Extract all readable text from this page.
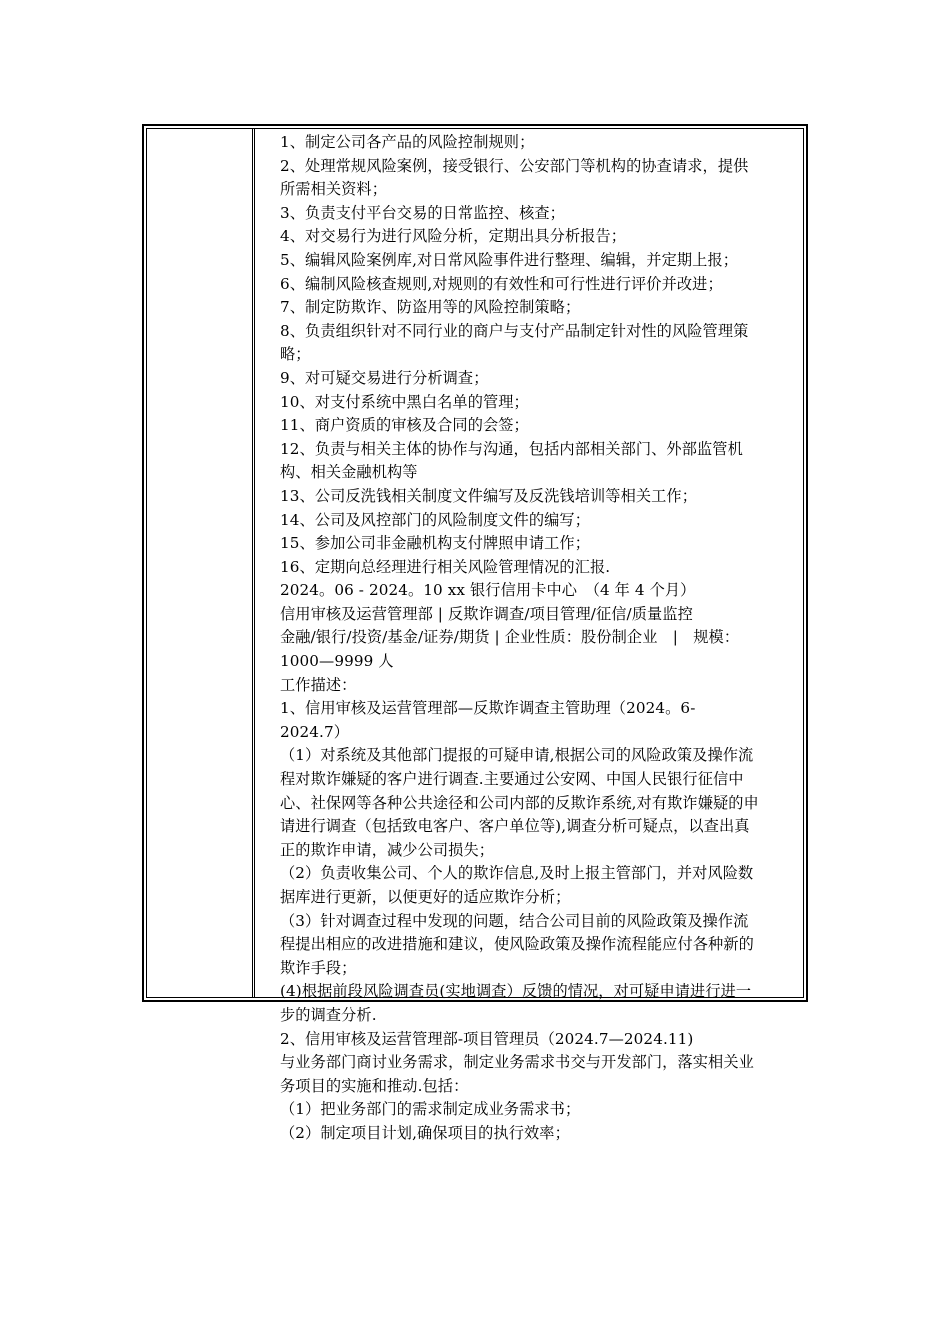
1、制定公司各产品的风险控制规则；
2、处理常规风险案例，接受银行、公安部门等机构的协查请求，提供
所需相关资料；
3、负责支付平台交易的日常监控、核查；
4、对交易行为进行风险分析，定期出具分析报告；
5、编辑风险案例库,对日常风险事件进行整理、编辑，并定期上报；
6、编制风险核查规则,对规则的有效性和可行性进行评价并改进；
7、制定防欺诈、防盗用等的风险控制策略；
8、负责组织针对不同行业的商户与支付产品制定针对性的风险管理策
略；
9、对可疑交易进行分析调查；
10、对支付系统中黑白名单的管理；
11、商户资质的审核及合同的会签；
12、负责与相关主体的协作与沟通，包括内部相关部门、外部监管机
构、相关金融机构等
13、公司反洗钱相关制度文件编写及反洗钱培训等相关工作；
14、公司及风控部门的风险制度文件的编写；
15、参加公司非金融机构支付牌照申请工作；
16、定期向总经理进行相关风险管理情况的汇报.
2024。06 - 2024。10 xx 银行信用卡中心　（4 年 4 个月）
信用审核及运营管理部 | 反欺诈调查/项目管理/征信/质量监控
金融/银行/投资/基金/证券/期货 | 企业性质：股份制企业　|　规模：
1000—9999 人
工作描述：
1、信用审核及运营管理部—反欺诈调查主管助理（2024。6-
2024.7）
（1）对系统及其他部门提报的可疑申请,根据公司的风险政策及操作流
程对欺诈嫌疑的客户进行调查.主要通过公安网、中国人民银行征信中
心、社保网等各种公共途径和公司内部的反欺诈系统,对有欺诈嫌疑的申
请进行调查（包括致电客户、客户单位等),调查分析可疑点，以查出真
正的欺诈申请，减少公司损失；
（2）负责收集公司、个人的欺诈信息,及时上报主管部门，并对风险数
据库进行更新，以便更好的适应欺诈分析；
（3）针对调查过程中发现的问题，结合公司目前的风险政策及操作流
程提出相应的改进措施和建议，使风险政策及操作流程能应付各种新的
欺诈手段；
(4)根据前段风险调查员(实地调查）反馈的情况，对可疑申请进行进一
步的调查分析.
2、信用审核及运营管理部-项目管理员（2024.7—2024.11)
与业务部门商讨业务需求，制定业务需求书交与开发部门，落实相关业
务项目的实施和推动.包括：
（1）把业务部门的需求制定成业务需求书；
（2）制定项目计划,确保项目的执行效率；
